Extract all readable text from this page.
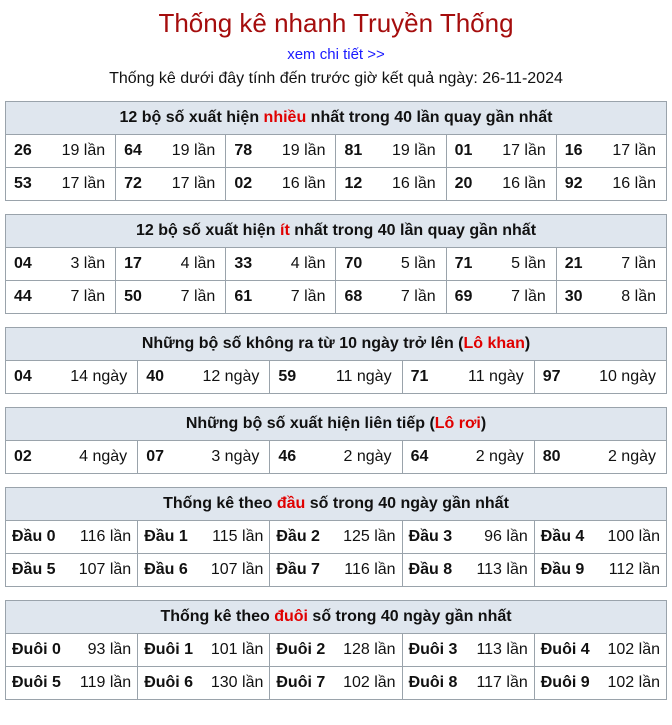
Thống kê nhanh Truyền Thống
xem chi tiết >>
Thống kê dưới đây tính đến trước giờ kết quả ngày: 26-11-2024
12 bộ số xuất hiện nhiều nhất trong 40 lần quay gần nhất					
26 19 lần	64 19 lần	78 19 lần	81 19 lần	01 17 lần	16 17 lần

53 17 lần	72 17 lần	02 16 lần	12 16 lần	20 16 lần	92 16 lần
12 bộ số xuất hiện ít nhất trong 40 lần quay gần nhất					
04 3 lần	17 4 lần	33 4 lần	70 5 lần	71 5 lần	21 7 lần

44 7 lần	50 7 lần	61 7 lần	68 7 lần	69 7 lần	30 8 lần
Những bộ số không ra từ 10 ngày trở lên (Lô khan)
04 14 ngày	40 12 ngày	59 11 ngày	71 11 ngày	97 10 ngày
Những bộ số xuất hiện liên tiếp (Lô rơi)
02	4 ngày	07	3 ngày	46	2 ngày	64	2 ngày	80	2 ngày
Thống kê theo đầu số trong 40 ngày gần nhất				
Đầu 0 116 lần	Đầu 1 115 lần	Đầu 2 125 lần	Đầu 3 96 lần	Đầu 4 100 lần

Đầu 5 107 lần	Đầu 6 107 lần	Đầu 7 116 lần	Đầu 8 113 lần	Đầu 9 112 lần
Thống kê theo đuôi số trong 40 ngày gần nhất				
Đuôi 0 93 lần	Đuôi 1 101 lần	Đuôi 2 128 lần	Đuôi 3 113 lần	Đuôi 4 102 lần

Đuôi 5 119 lần	Đuôi 6 130 lần	Đuôi 7 102 lần	Đuôi 8 117 lần	Đuôi 9 102 lần
